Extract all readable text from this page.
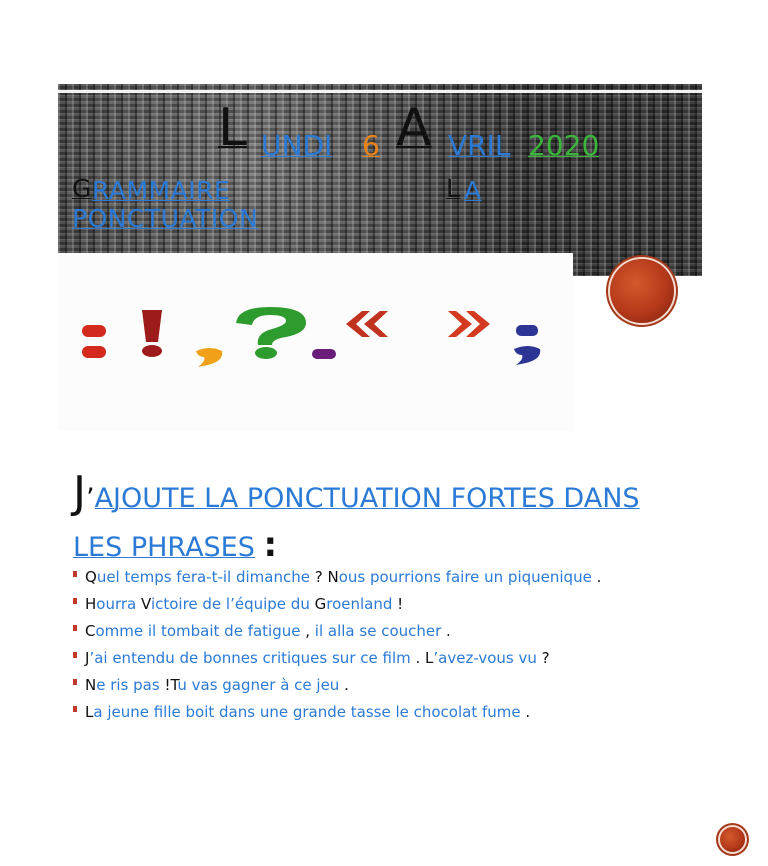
L UNDI 6 A VRIL 2020
G RAMMAIRE	L A
PONCTUATION
J’AJOUTE LA PONCTUATION FORTES DANS
LES PHRASES :
Quel temps fera-t-il dimanche ? Nous pourrions faire un piquenique .
Hourra Victoire de l’équipe du Groenland !
Comme il tombait de fatigue , il alla se coucher .
J’ai entendu de bonnes critiques sur ce film . L’avez-vous vu ?
Ne ris pas !Tu vas gagner à ce jeu .
La jeune fille boit dans une grande tasse le chocolat fume .
